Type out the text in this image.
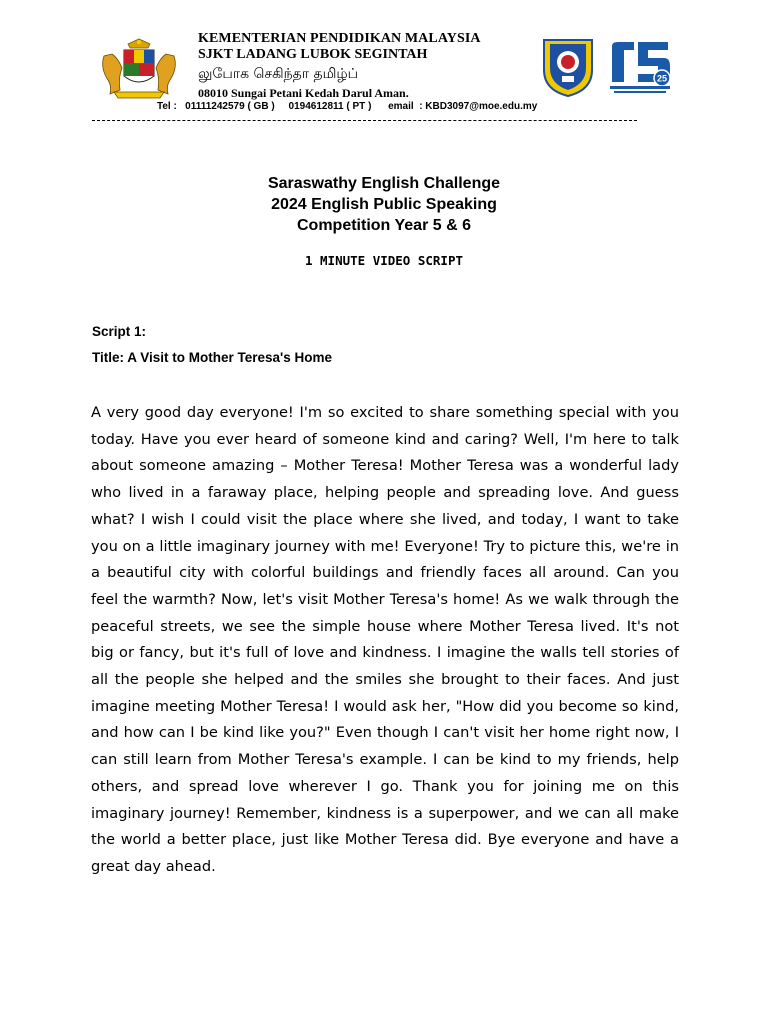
KEMENTERIAN PENDIDIKAN MALAYSIA
SJKT LADANG LUBOK SEGINTAH
லுபோக செகிந்தா தமிழ்ப்
08010 Sungai Petani Kedah Darul Aman.
Tel :   01111242579 ( GB )     0194612811 ( PT )      email  : KBD3097@moe.edu.my
25
Saraswathy English Challenge
2024 English Public Speaking
Competition Year 5 & 6
1 MINUTE VIDEO SCRIPT
Script 1:
Title: A Visit to Mother Teresa's Home
A very good day everyone! I'm so excited to share something special with you today. Have you ever heard of someone kind and caring? Well, I'm here to talk about someone amazing – Mother Teresa! Mother Teresa was a wonderful lady who lived in a faraway place, helping people and spreading love. And guess what? I wish I could visit the place where she lived, and today, I want to take you on a little imaginary journey with me! Everyone! Try to picture this, we're in a beautiful city with colorful buildings and friendly faces all around. Can you feel the warmth? Now, let's visit Mother Teresa's home! As we walk through the peaceful streets, we see the simple house where Mother Teresa lived. It's not big or fancy, but it's full of love and kindness. I imagine the walls tell stories of all the people she helped and the smiles she brought to their faces. And just imagine meeting Mother Teresa! I would ask her, "How did you become so kind, and how can I be kind like you?" Even though I can't visit her home right now, I can still learn from Mother Teresa's example. I can be kind to my friends, help others, and spread love wherever I go. Thank you for joining me on this imaginary journey! Remember, kindness is a superpower, and we can all make the world a better place, just like Mother Teresa did. Bye everyone and have a great day ahead.
